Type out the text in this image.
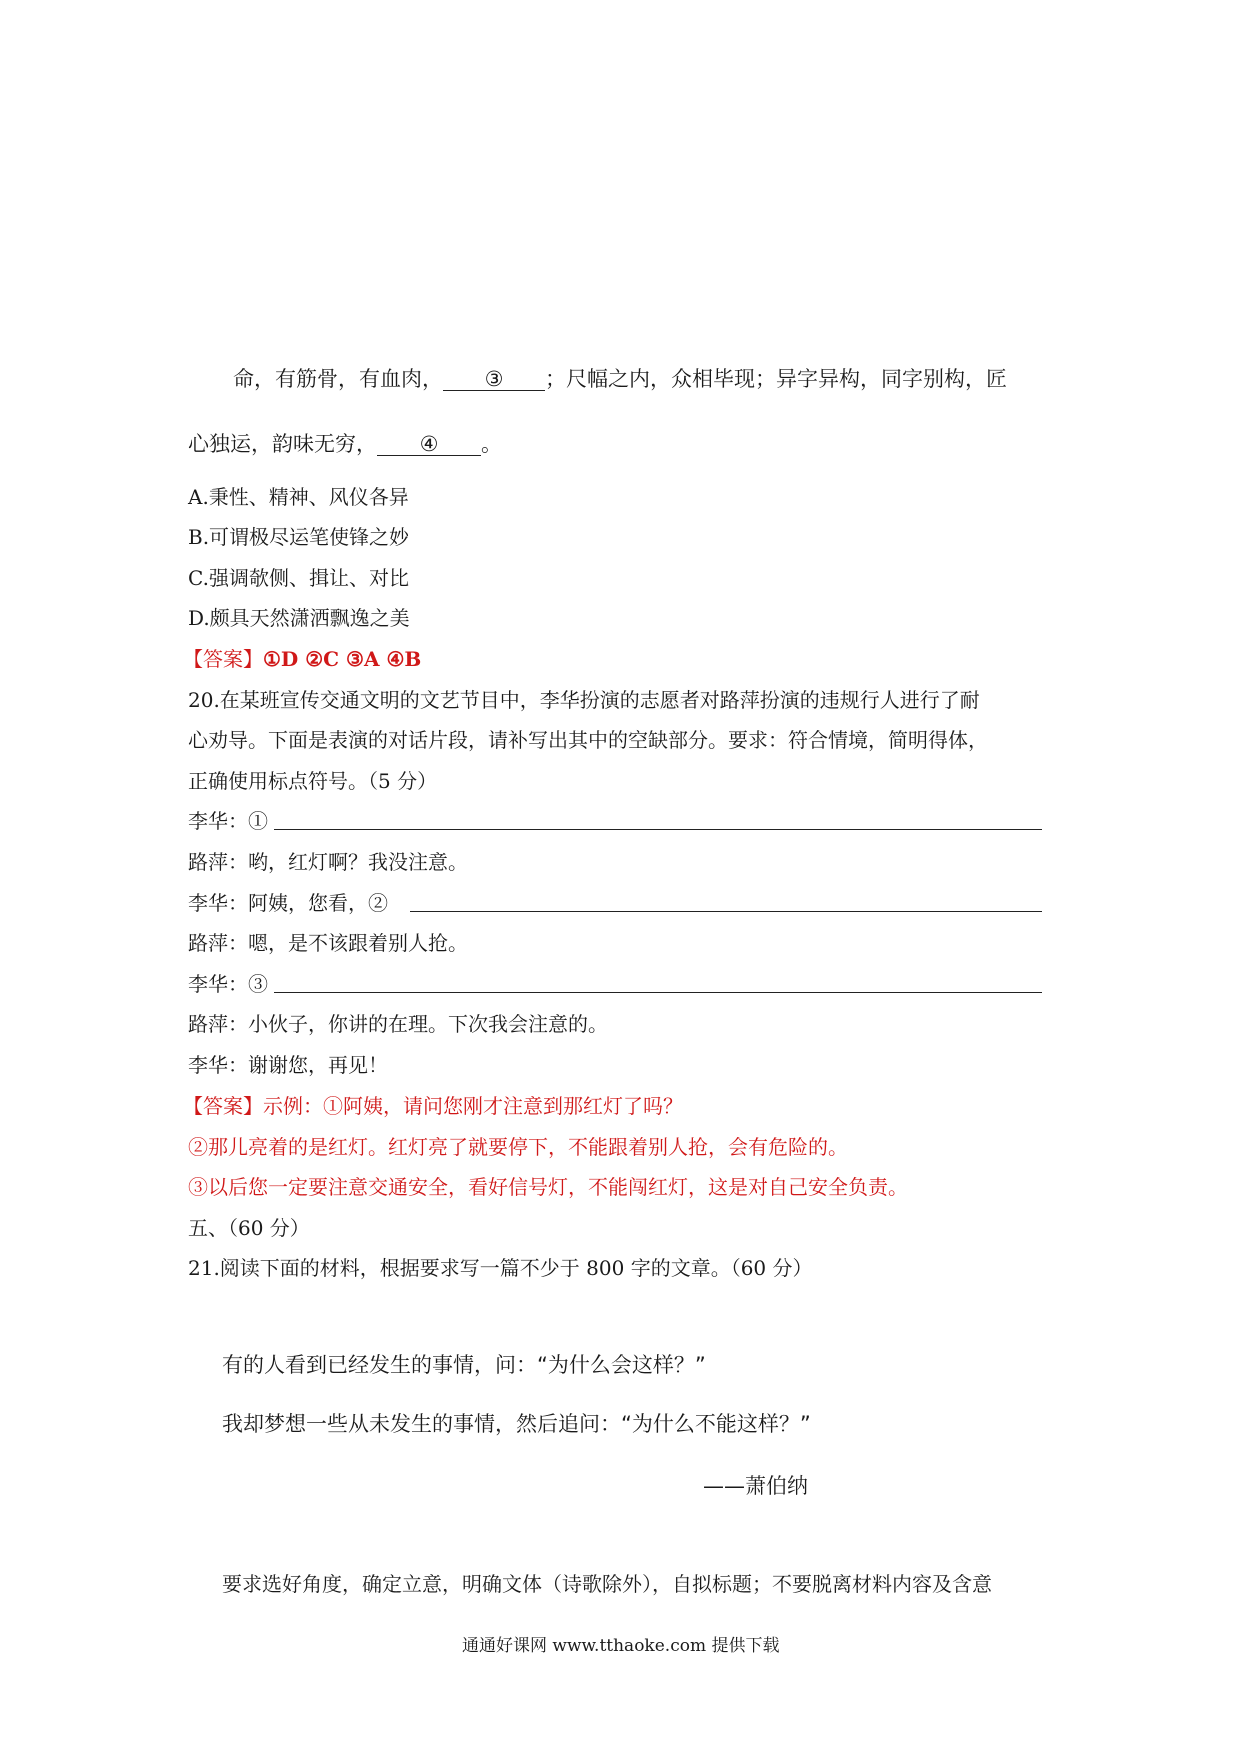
命，有筋骨，有血肉， ③ ；尺幅之内，众相毕现；异字异构，同字别构，匠
心独运，韵味无穷， ④ 。
A.秉性、精神、风仪各异
B.可谓极尽运笔使锋之妙
C.强调欹侧、揖让、对比
D.颇具天然潇洒飘逸之美
【答案】①D ②C ③A ④B
20.在某班宣传交通文明的文艺节目中，李华扮演的志愿者对路萍扮演的违规行人进行了耐
心劝导。下面是表演的对话片段，请补写出其中的空缺部分。要求：符合情境，简明得体，
正确使用标点符号。（5 分）
李华：①
路萍：哟，红灯啊？我没注意。
李华：阿姨，您看，②
路萍：嗯，是不该跟着别人抢。
李华：③
路萍：小伙子，你讲的在理。下次我会注意的。
李华：谢谢您，再见！
【答案】示例：①阿姨，请问您刚才注意到那红灯了吗？
②那儿亮着的是红灯。红灯亮了就要停下，不能跟着别人抢，会有危险的。
③以后您一定要注意交通安全，看好信号灯，不能闯红灯，这是对自己安全负责。
五、（60 分）
21.阅读下面的材料，根据要求写一篇不少于 800 字的文章。（60 分）
有的人看到已经发生的事情，问：“为什么会这样？”
我却梦想一些从未发生的事情，然后追问：“为什么不能这样？”
——萧伯纳
要求选好角度，确定立意，明确文体（诗歌除外），自拟标题；不要脱离材料内容及含意
通通好课网 www.tthaoke.com 提供下载
